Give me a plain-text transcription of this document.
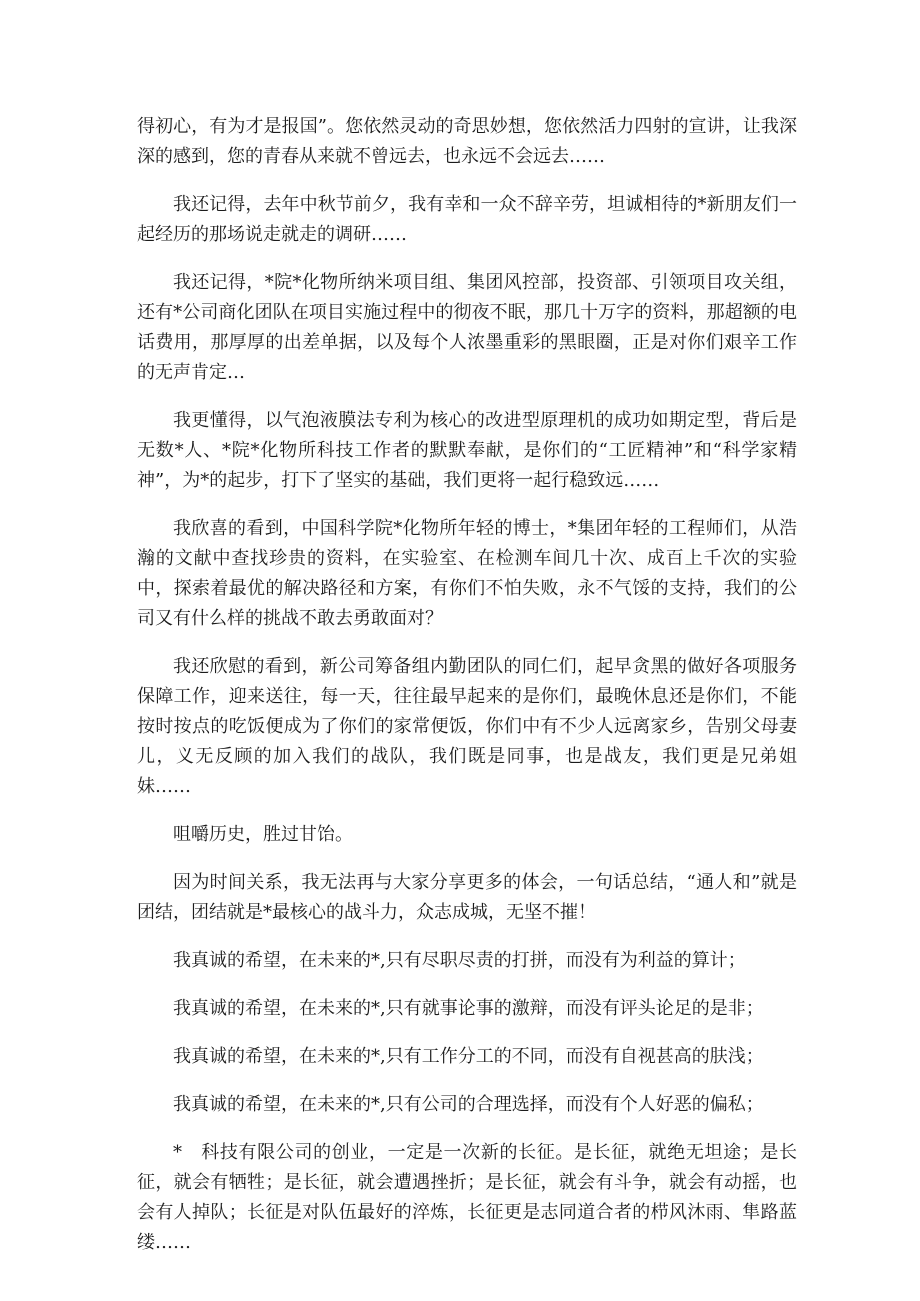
得初心，有为才是报国”。您依然灵动的奇思妙想，您依然活力四射的宣讲，让我深深的感到，您的青春从来就不曾远去，也永远不会远去……

我还记得，去年中秋节前夕，我有幸和一众不辞辛劳，坦诚相待的*新朋友们一起经历的那场说走就走的调研……

我还记得，*院*化物所纳米项目组、集团风控部，投资部、引领项目攻关组，还有*公司商化团队在项目实施过程中的彻夜不眠，那几十万字的资料，那超额的电话费用，那厚厚的出差单据，以及每个人浓墨重彩的黑眼圈，正是对你们艰辛工作的无声肯定…

我更懂得，以气泡液膜法专利为核心的改进型原理机的成功如期定型，背后是无数*人、*院*化物所科技工作者的默默奉献，是你们的“工匠精神”和“科学家精神”，为*的起步，打下了坚实的基础，我们更将一起行稳致远……

我欣喜的看到，中国科学院*化物所年轻的博士，*集团年轻的工程师们，从浩瀚的文献中查找珍贵的资料，在实验室、在检测车间几十次、成百上千次的实验中，探索着最优的解决路径和方案，有你们不怕失败，永不气馁的支持，我们的公司又有什么样的挑战不敢去勇敢面对？

我还欣慰的看到，新公司筹备组内勤团队的同仁们，起早贪黑的做好各项服务保障工作，迎来送往，每一天，往往最早起来的是你们，最晚休息还是你们，不能按时按点的吃饭便成为了你们的家常便饭，你们中有不少人远离家乡，告别父母妻儿，义无反顾的加入我们的战队，我们既是同事，也是战友，我们更是兄弟姐妹……

咀嚼历史，胜过甘饴。

因为时间关系，我无法再与大家分享更多的体会，一句话总结，“通人和”就是团结，团结就是*最核心的战斗力，众志成城，无坚不摧！

我真诚的希望，在未来的*,只有尽职尽责的打拼，而没有为利益的算计；

我真诚的希望，在未来的*,只有就事论事的激辩，而没有评头论足的是非；

我真诚的希望，在未来的*,只有工作分工的不同，而没有自视甚高的肤浅；

我真诚的希望，在未来的*,只有公司的合理选择，而没有个人好恶的偏私；

*　科技有限公司的创业，一定是一次新的长征。是长征，就绝无坦途；是长征，就会有牺牲；是长征，就会遭遇挫折；是长征，就会有斗争，就会有动摇，也会有人掉队；长征是对队伍最好的淬炼，长征更是志同道合者的栉风沐雨、隼路蓝缕……
